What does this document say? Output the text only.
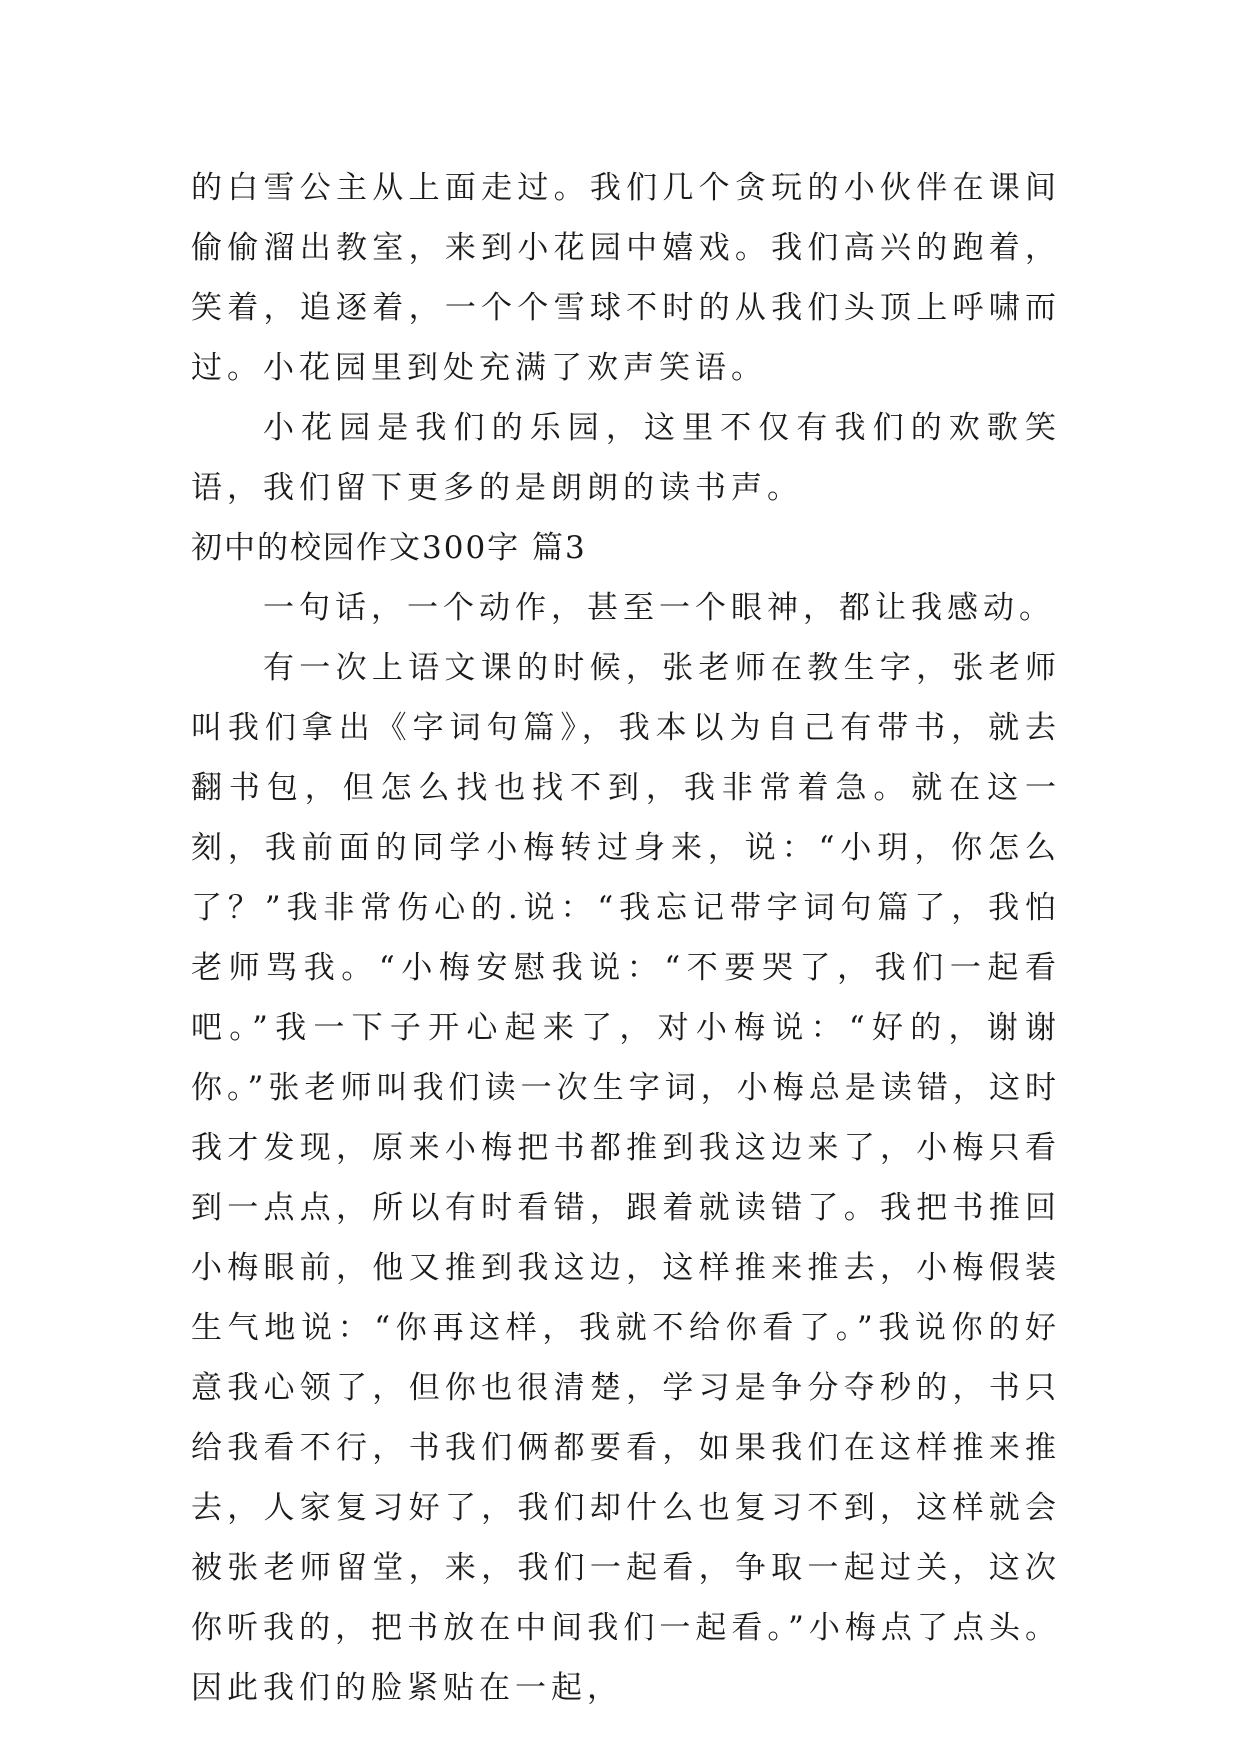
的白雪公主从上面走过。我们几个贪玩的小伙伴在课间偷偷溜出教室，来到小花园中嬉戏。我们高兴的跑着，笑着，追逐着，一个个雪球不时的从我们头顶上呼啸而过。小花园里到处充满了欢声笑语。

小花园是我们的乐园，这里不仅有我们的欢歌笑语，我们留下更多的是朗朗的读书声。

初中的校园作文300字 篇3

一句话，一个动作，甚至一个眼神，都让我感动。

有一次上语文课的时候，张老师在教生字，张老师叫我们拿出《字词句篇》，我本以为自己有带书，就去翻书包，但怎么找也找不到，我非常着急。就在这一刻，我前面的同学小梅转过身来，说：“小玥，你怎么了？”我非常伤心的.说：“我忘记带字词句篇了，我怕老师骂我。“小梅安慰我说：“不要哭了，我们一起看吧。”我一下子开心起来了，对小梅说：“好的，谢谢你。”张老师叫我们读一次生字词，小梅总是读错，这时我才发现，原来小梅把书都推到我这边来了，小梅只看到一点点，所以有时看错，跟着就读错了。我把书推回小梅眼前，他又推到我这边，这样推来推去，小梅假装生气地说：“你再这样，我就不给你看了。”我说你的好意我心领了，但你也很清楚，学习是争分夺秒的，书只给我看不行，书我们俩都要看，如果我们在这样推来推去，人家复习好了，我们却什么也复习不到，这样就会被张老师留堂，来，我们一起看，争取一起过关，这次你听我的，把书放在中间我们一起看。”小梅点了点头。因此我们的脸紧贴在一起，
